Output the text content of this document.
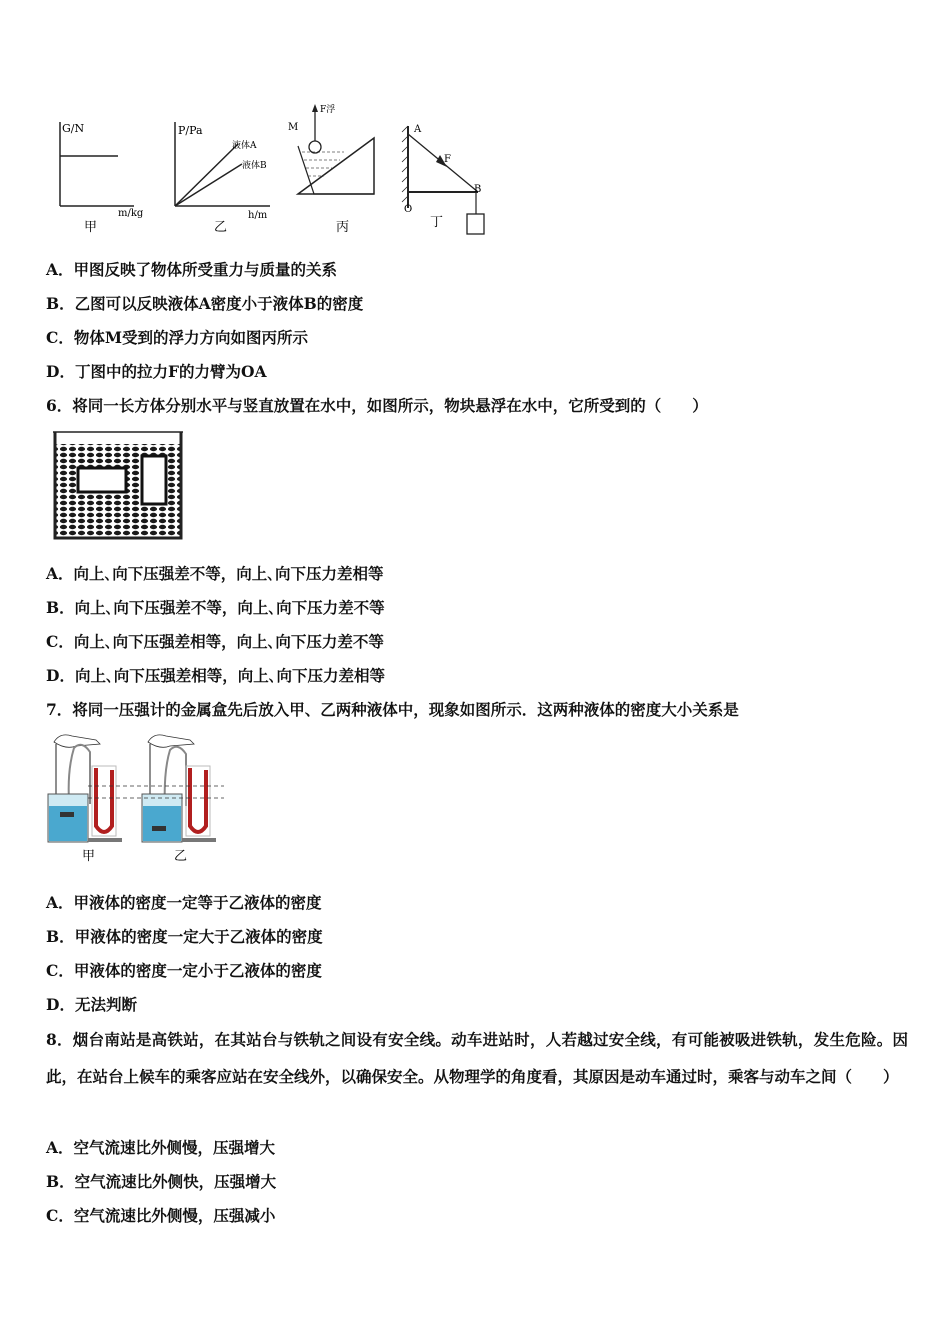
G/N
m/kg
甲
P/Pa
液体A
液体B
h/m
乙
F浮
M
丙
A
F
B
O
丁
A．甲图反映了物体所受重力与质量的关系
B．乙图可以反映液体A密度小于液体B的密度
C．物体M受到的浮力方向如图丙所示
D．丁图中的拉力F的力臂为OA
6．将同一长方体分别水平与竖直放置在水中，如图所示，物块悬浮在水中，它所受到的（　　）
A．向上､向下压强差不等，向上､向下压力差相等
B．向上､向下压强差不等，向上､向下压力差不等
C．向上､向下压强差相等，向上､向下压力差不等
D．向上､向下压强差相等，向上､向下压力差相等
7．将同一压强计的金属盒先后放入甲、乙两种液体中，现象如图所示．这两种液体的密度大小关系是
甲	乙
A．甲液体的密度一定等于乙液体的密度
B．甲液体的密度一定大于乙液体的密度
C．甲液体的密度一定小于乙液体的密度
D．无法判断
8．烟台南站是高铁站，在其站台与铁轨之间设有安全线。动车进站时，人若越过安全线，有可能被吸进铁轨，发生危险。因此，在站台上候车的乘客应站在安全线外，以确保安全。从物理学的角度看，其原因是动车通过时，乘客与动车之间（　　）
A．空气流速比外侧慢，压强增大
B．空气流速比外侧快，压强增大
C．空气流速比外侧慢，压强减小
